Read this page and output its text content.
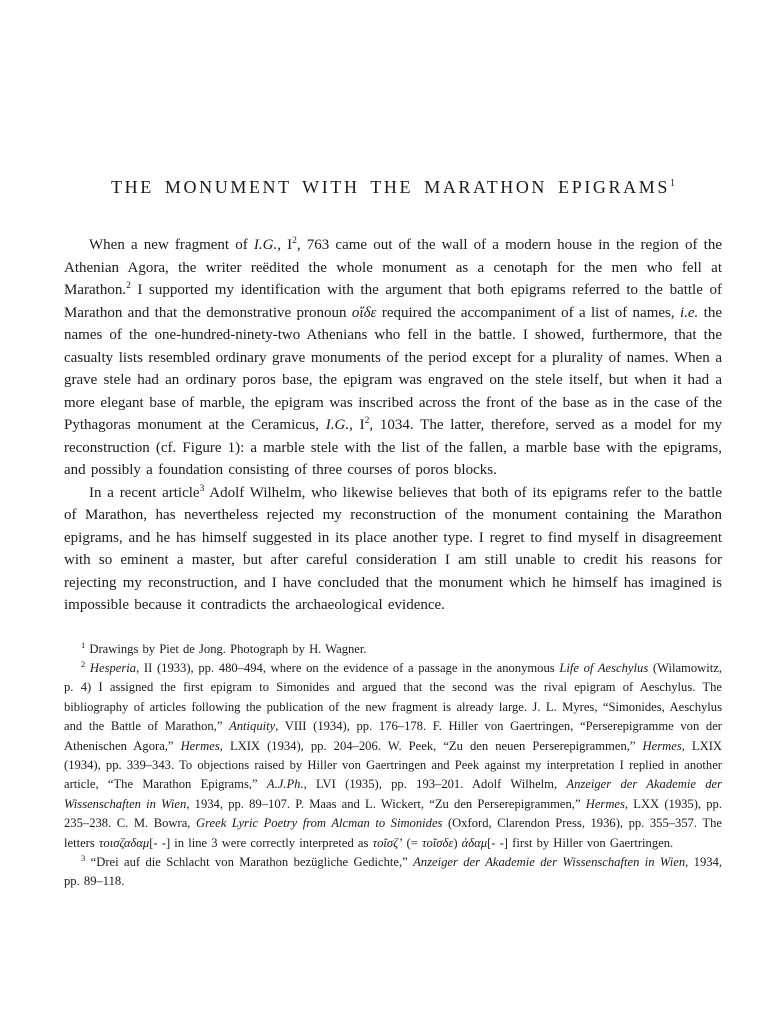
THE MONUMENT WITH THE MARATHON EPIGRAMS$^1$

When a new fragment of I.G., $I^2$, 763 came out of the wall of a modern house in the region of the Athenian Agora, the writer reëdited the whole monument as a cenotaph for the men who fell at Marathon.$^2$ I supported my identification with the argument that both epigrams referred to the battle of Marathon and that the demonstrative pronoun οἵδε required the accompaniment of a list of names, i.e. the names of the one-hundred-ninety-two Athenians who fell in the battle. I showed, furthermore, that the casualty lists resembled ordinary grave monuments of the period except for a plurality of names. When a grave stele had an ordinary poros base, the epigram was engraved on the stele itself, but when it had a more elegant base of marble, the epigram was inscribed across the front of the base as in the case of the Pythagoras monument at the Ceramicus, I.G., $I^2$, 1034. The latter, therefore, served as a model for my reconstruction (cf. Figure 1): a marble stele with the list of the fallen, a marble base with the epigrams, and possibly a foundation consisting of three courses of poros blocks.

In a recent article$^3$ Adolf Wilhelm, who likewise believes that both of its epigrams refer to the battle of Marathon, has nevertheless rejected my reconstruction of the monument containing the Marathon epigrams, and he has himself suggested in its place another type. I regret to find myself in disagreement with so eminent a master, but after careful consideration I am still unable to credit his reasons for rejecting my reconstruction, and I have concluded that the monument which he himself has imagined is impossible because it contradicts the archaeological evidence.

$^1$ Drawings by Piet de Jong. Photograph by H. Wagner.

$^2$ Hesperia, II (1933), pp. 480–494, where on the evidence of a passage in the anonymous Life of Aeschylus (Wilamowitz, p. 4) I assigned the first epigram to Simonides and argued that the second was the rival epigram of Aeschylus. The bibliography of articles following the publication of the new fragment is already large. J. L. Myres, “Simonides, Aeschylus and the Battle of Marathon,” Antiquity, VIII (1934), pp. 176–178. F. Hiller von Gaertringen, “Perserepigramme von der Athenischen Agora,” Hermes, LXIX (1934), pp. 204–206. W. Peek, “Zu den neuen Perserepigrammen,” Hermes, LXIX (1934), pp. 339–343. To objections raised by Hiller von Gaertringen and Peek against my interpretation I replied in another article, “The Marathon Epigrams,” A.J.Ph., LVI (1935), pp. 193–201. Adolf Wilhelm, Anzeiger der Akademie der Wissenschaften in Wien, 1934, pp. 89–107. P. Maas and L. Wickert, “Zu den Perserepigrammen,” Hermes, LXX (1935), pp. 235–238. C. M. Bowra, Greek Lyric Poetry from Alcman to Simonides (Oxford, Clarendon Press, 1936), pp. 355–357. The letters τοισζαδαμ[- -] in line 3 were correctly interpreted as τοῖσζ’ (= τοῖσδε) ἀδαμ[- -] first by Hiller von Gaertringen.

$^3$ “Drei auf die Schlacht von Marathon bezügliche Gedichte,” Anzeiger der Akademie der Wissenschaften in Wien, 1934, pp. 89–118.
